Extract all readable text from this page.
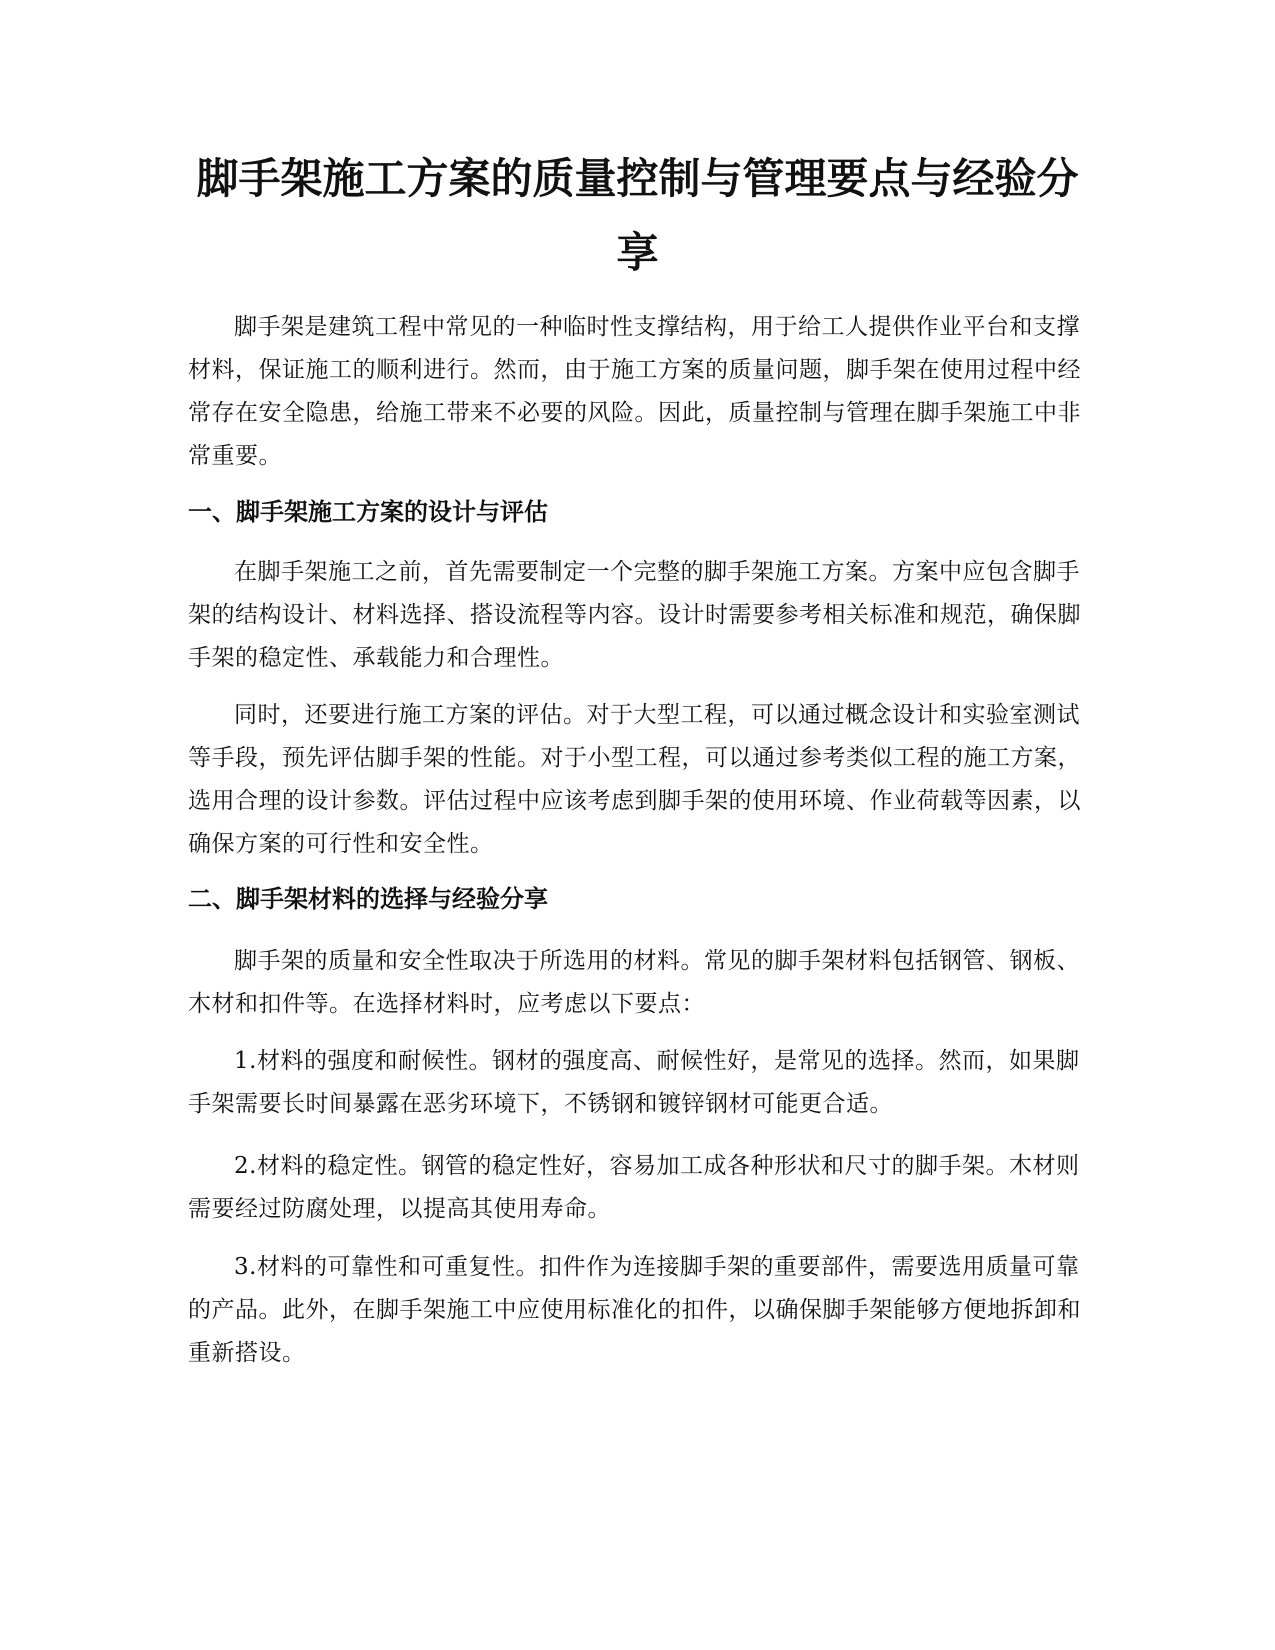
脚手架施工方案的质量控制与管理要点与经验分享

脚手架是建筑工程中常见的一种临时性支撑结构，用于给工人提供作业平台和支撑材料，保证施工的顺利进行。然而，由于施工方案的质量问题，脚手架在使用过程中经常存在安全隐患，给施工带来不必要的风险。因此，质量控制与管理在脚手架施工中非常重要。

一、脚手架施工方案的设计与评估

在脚手架施工之前，首先需要制定一个完整的脚手架施工方案。方案中应包含脚手架的结构设计、材料选择、搭设流程等内容。设计时需要参考相关标准和规范，确保脚手架的稳定性、承载能力和合理性。

同时，还要进行施工方案的评估。对于大型工程，可以通过概念设计和实验室测试等手段，预先评估脚手架的性能。对于小型工程，可以通过参考类似工程的施工方案，选用合理的设计参数。评估过程中应该考虑到脚手架的使用环境、作业荷载等因素，以确保方案的可行性和安全性。

二、脚手架材料的选择与经验分享

脚手架的质量和安全性取决于所选用的材料。常见的脚手架材料包括钢管、钢板、木材和扣件等。在选择材料时，应考虑以下要点：

1.材料的强度和耐候性。钢材的强度高、耐候性好，是常见的选择。然而，如果脚手架需要长时间暴露在恶劣环境下，不锈钢和镀锌钢材可能更合适。

2.材料的稳定性。钢管的稳定性好，容易加工成各种形状和尺寸的脚手架。木材则需要经过防腐处理，以提高其使用寿命。

3.材料的可靠性和可重复性。扣件作为连接脚手架的重要部件，需要选用质量可靠的产品。此外，在脚手架施工中应使用标准化的扣件，以确保脚手架能够方便地拆卸和重新搭设。
